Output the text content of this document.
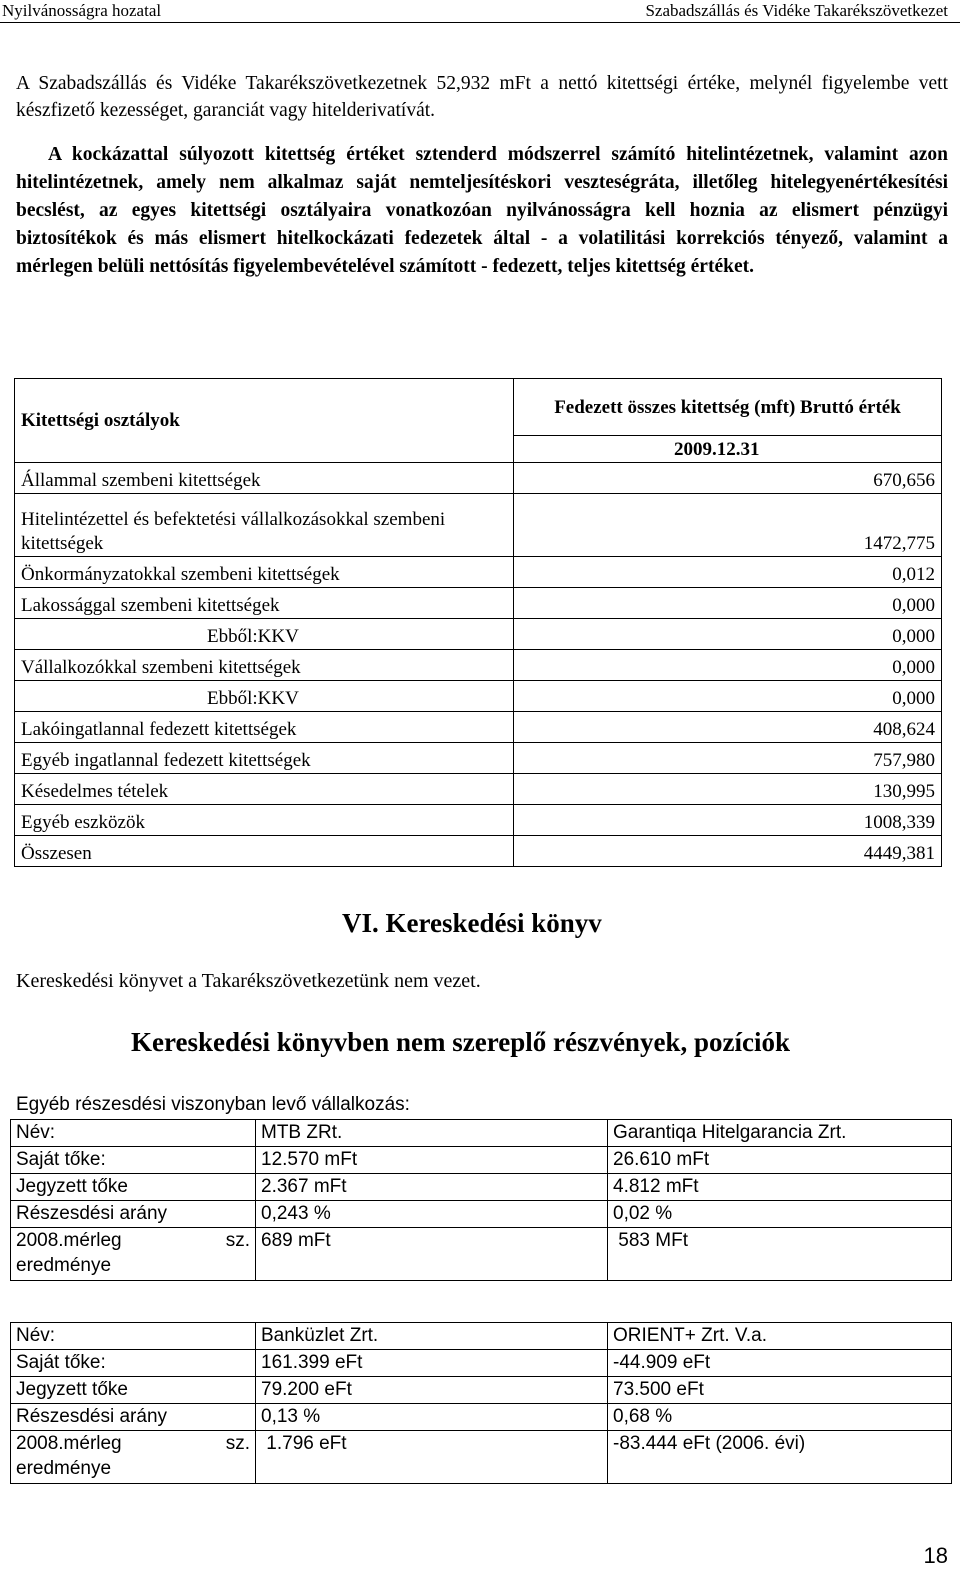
Nyilvánosságra hozatal	Szabadszállás és Vidéke Takarékszövetkezet

A Szabadszállás és Vidéke Takarékszövetkezetnek 52,932 mFt a nettó kitettségi értéke, melynél figyelembe vett készfizető kezességet, garanciát vagy hitelderivatívát.

A kockázattal súlyozott kitettség értéket sztenderd módszerrel számító hitelintézetnek, valamint azon hitelintézetnek, amely nem alkalmaz saját nemteljesítéskori veszteségráta, illetőleg hitelegyenértékesítési becslést, az egyes kitettségi osztályaira vonatkozóan nyilvánosságra kell hoznia az elismert pénzügyi biztosítékok és más elismert hitelkockázati fedezetek által - a volatilitási korrekciós tényező, valamint a mérlegen belüli nettósítás figyelembevételével számított - fedezett, teljes kitettség értéket.

Kitettségi osztályok	Fedezett összes kitettség (mft) Bruttó érték
	2009.12.31
Állammal szembeni kitettségek	670,656
Hitelintézettel és befektetési vállalkozásokkal szembeni kitettségek	1472,775
Önkormányzatokkal szembeni kitettségek	0,012
Lakossággal szembeni kitettségek	0,000
Ebből:KKV	0,000
Vállalkozókkal szembeni kitettségek	0,000
Ebből:KKV	0,000
Lakóingatlannal fedezett kitettségek	408,624
Egyéb ingatlannal fedezett kitettségek	757,980
Késedelmes tételek	130,995
Egyéb eszközök	1008,339
Összesen	4449,381
VI. Kereskedési könyv
Kereskedési könyvet a Takarékszövetkezetünk nem vezet.
Kereskedési könyvben nem szereplő részvények, pozíciók
Egyéb részesdési viszonyban levő vállalkozás:
Név:	MTB ZRt.	Garantiqa Hitelgarancia Zrt.
Saját tőke:	12.570 mFt	26.610 mFt
Jegyzett tőke	2.367 mFt	4.812 mFt
Részesdési arány	0,243 %	0,02 %

2008.mérleg sz.
eredménye	689 mFt	583 MFt
Név:	Banküzlet Zrt.	ORIENT+ Zrt. V.a.
Saját tőke:	161.399 eFt	-44.909 eFt
Jegyzett tőke	79.200 eFt	73.500 eFt
Részesdési arány	0,13 %	0,68 %

2008.mérleg sz.
eredménye	1.796 eFt	-83.444 eFt (2006. évi)
18
